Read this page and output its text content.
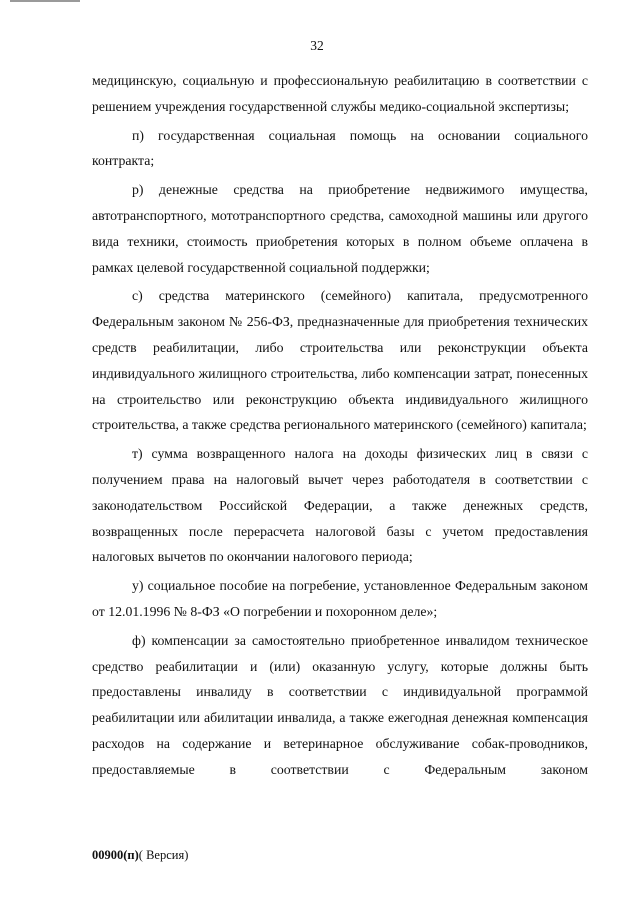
32

медицинскую, социальную и профессиональную реабилитацию в соответствии с решением учреждения государственной службы медико-социальной экспертизы;

п) государственная социальная помощь на основании социального контракта;

р) денежные средства на приобретение недвижимого имущества, автотранспортного, мототранспортного средства, самоходной машины или другого вида техники, стоимость приобретения которых в полном объеме оплачена в рамках целевой государственной социальной поддержки;

с) средства материнского (семейного) капитала, предусмотренного Федеральным законом № 256-ФЗ, предназначенные для приобретения технических средств реабилитации, либо строительства или реконструкции объекта индивидуального жилищного строительства, либо компенсации затрат, понесенных на строительство или реконструкцию объекта индивидуального жилищного строительства, а также средства регионального материнского (семейного) капитала;

т) сумма возвращенного налога на доходы физических лиц в связи с получением права на налоговый вычет через работодателя в соответствии с законодательством Российской Федерации, а также денежных средств, возвращенных после перерасчета налоговой базы с учетом предоставления налоговых вычетов по окончании налогового периода;

у) социальное пособие на погребение, установленное Федеральным законом от 12.01.1996 № 8-ФЗ «О погребении и похоронном деле»;

ф) компенсации за самостоятельно приобретенное инвалидом техническое средство реабилитации и (или) оказанную услугу, которые должны быть предоставлены инвалиду в соответствии с индивидуальной программой реабилитации или абилитации инвалида, а также ежегодная денежная компенсация расходов на содержание и ветеринарное обслуживание собак-проводников, предоставляемые в соответствии с Федеральным законом

00900(п)( Версия)
